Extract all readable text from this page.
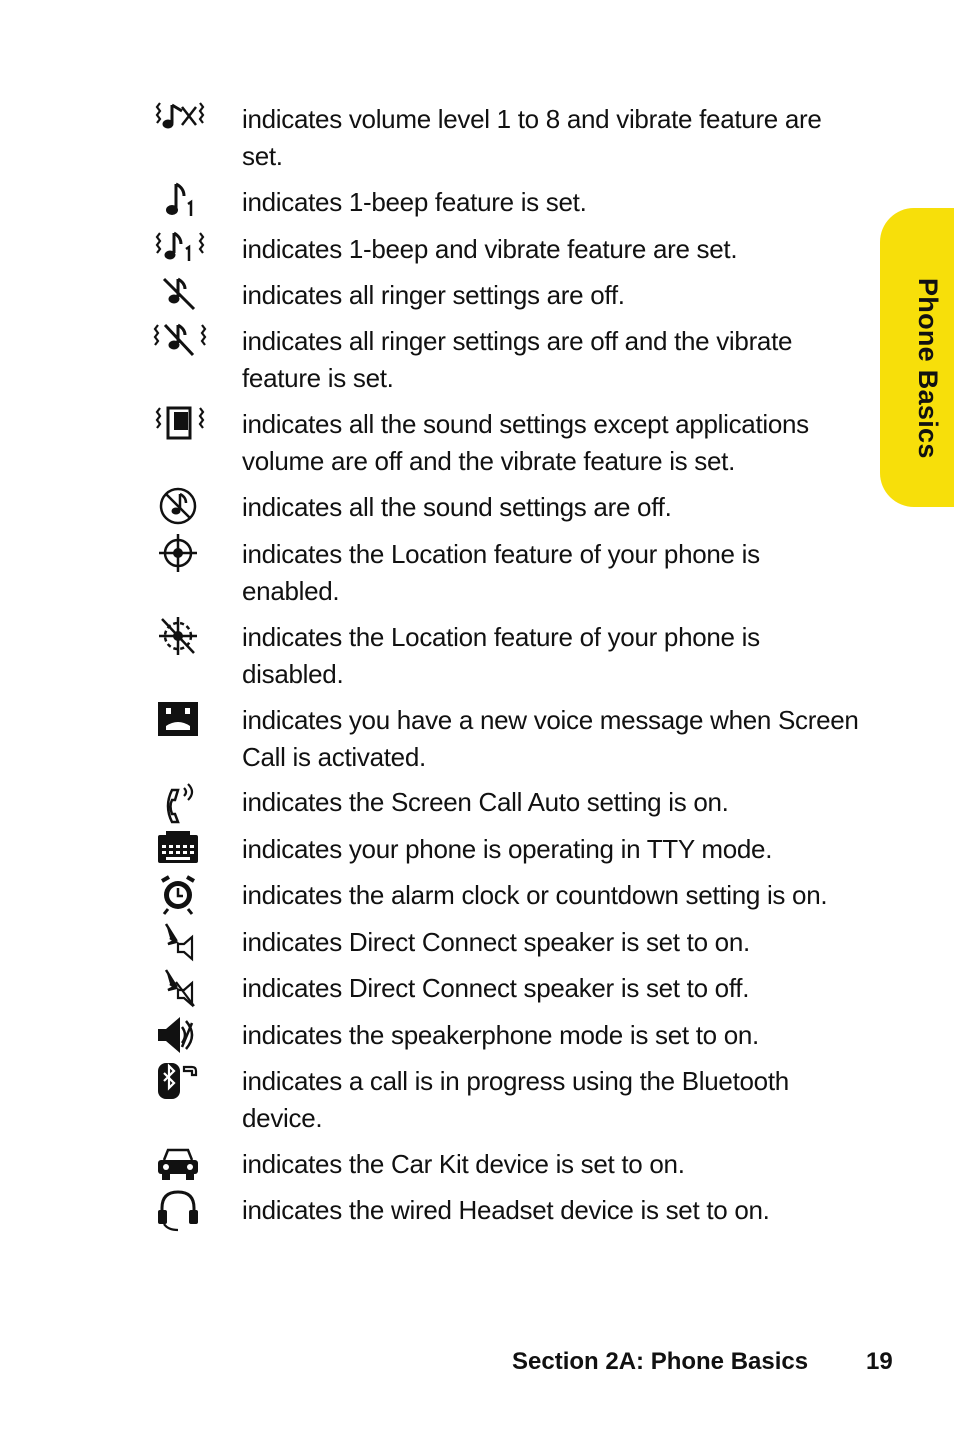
Phone Basics
indicates volume level 1 to 8 and vibrate feature are set.
indicates 1-beep feature is set.
indicates 1-beep and vibrate feature are set.
indicates all ringer settings are off.
indicates all ringer settings are off and the vibrate feature is set.
indicates all the sound settings except applications volume are off and the vibrate feature is set.
indicates all the sound settings are off.
indicates the Location feature of your phone is enabled.
indicates the Location feature of your phone is disabled.
indicates you have a new voice message when Screen Call is activated.
indicates the Screen Call Auto setting is on.
indicates your phone is operating in TTY mode.
indicates the alarm clock or countdown setting is on.
indicates Direct Connect speaker is set to on.
indicates Direct Connect speaker is set to off.
indicates the speakerphone mode is set to on.
indicates a call is in progress using the Bluetooth device.
indicates the Car Kit device is set to on.
indicates the wired Headset device is set to on.
Section 2A: Phone Basics 19
